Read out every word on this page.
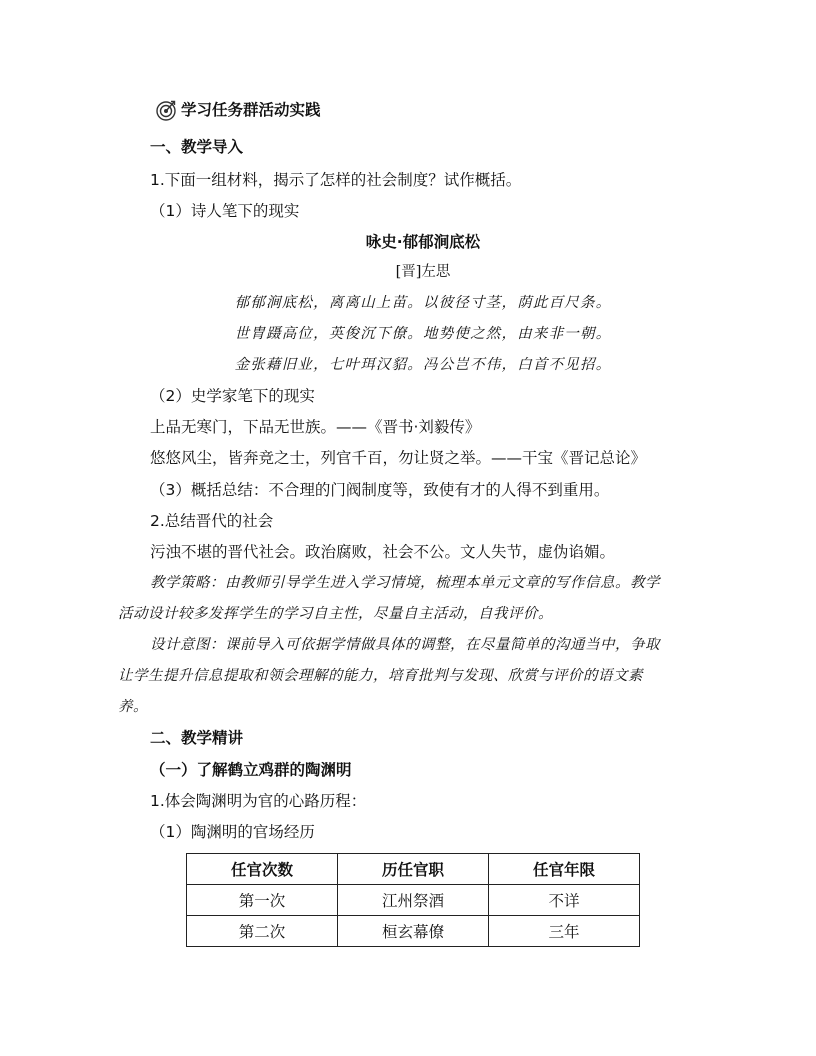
学习任务群活动实践
一、教学导入
1.下面一组材料，揭示了怎样的社会制度？试作概括。
（1）诗人笔下的现实
咏史·郁郁涧底松
[晋]左思
郁郁涧底松，离离山上苗。以彼径寸茎，荫此百尺条。
世胄蹑高位，英俊沉下僚。地势使之然，由来非一朝。
金张藉旧业，七叶珥汉貂。冯公岂不伟，白首不见招。
（2）史学家笔下的现实
上品无寒门，下品无世族。——《晋书·刘毅传》
悠悠风尘，皆奔竞之士，列官千百，勿让贤之举。——干宝《晋记总论》
（3）概括总结：不合理的门阀制度等，致使有才的人得不到重用。
2.总结晋代的社会
污浊不堪的晋代社会。政治腐败，社会不公。文人失节，虚伪谄媚。
教学策略：由教师引导学生进入学习情境，梳理本单元文章的写作信息。教学
活动设计较多发挥学生的学习自主性，尽量自主活动，自我评价。
设计意图：课前导入可依据学情做具体的调整，在尽量简单的沟通当中，争取
让学生提升信息提取和领会理解的能力，培育批判与发现、欣赏与评价的语文素
养。
二、教学精讲
（一）了解鹤立鸡群的陶渊明
1.体会陶渊明为官的心路历程：
（1）陶渊明的官场经历
任官次数	历任官职	任官年限
第一次	江州祭酒	不详
第二次	桓玄幕僚	三年
